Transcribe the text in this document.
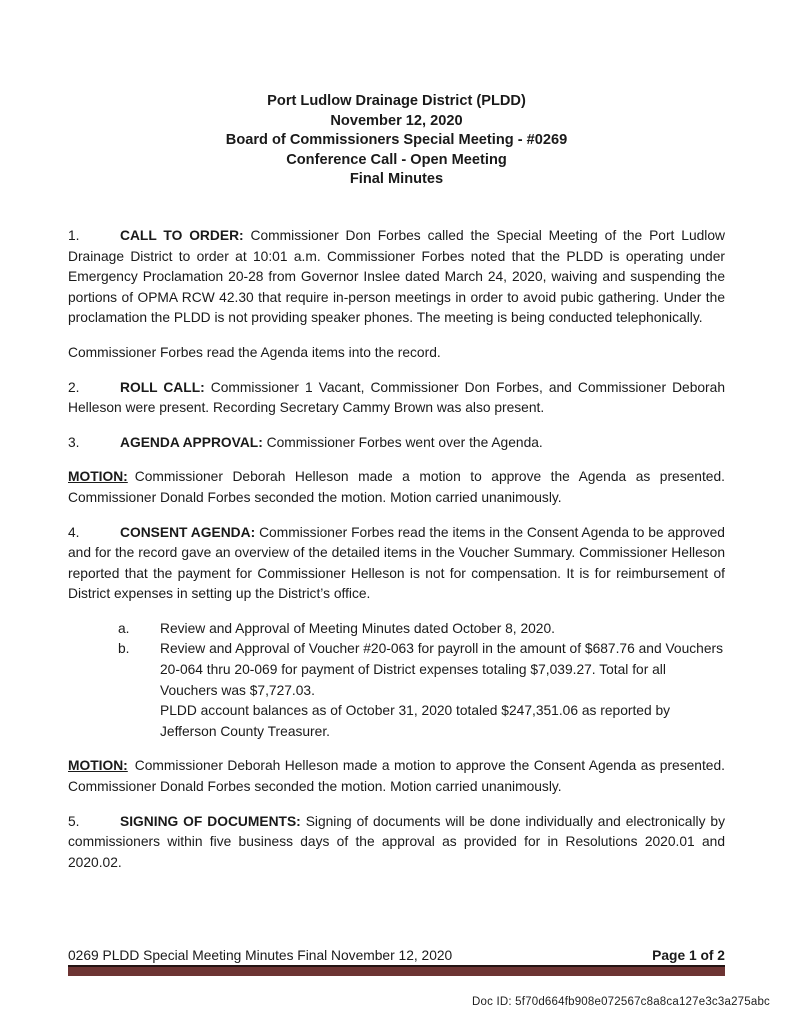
Port Ludlow Drainage District (PLDD)
November 12, 2020
Board of Commissioners Special Meeting - #0269
Conference Call - Open Meeting
Final Minutes
1.	CALL TO ORDER: Commissioner Don Forbes called the Special Meeting of the Port Ludlow Drainage District to order at 10:01 a.m. Commissioner Forbes noted that the PLDD is operating under Emergency Proclamation 20-28 from Governor Inslee dated March 24, 2020, waiving and suspending the portions of OPMA RCW 42.30 that require in-person meetings in order to avoid pubic gathering. Under the proclamation the PLDD is not providing speaker phones. The meeting is being conducted telephonically.
Commissioner Forbes read the Agenda items into the record.
2.	ROLL CALL: Commissioner 1 Vacant, Commissioner Don Forbes, and Commissioner Deborah Helleson were present. Recording Secretary Cammy Brown was also present.
3.	AGENDA APPROVAL: Commissioner Forbes went over the Agenda.
MOTION: Commissioner Deborah Helleson made a motion to approve the Agenda as presented. Commissioner Donald Forbes seconded the motion. Motion carried unanimously.
4.	CONSENT AGENDA: Commissioner Forbes read the items in the Consent Agenda to be approved and for the record gave an overview of the detailed items in the Voucher Summary. Commissioner Helleson reported that the payment for Commissioner Helleson is not for compensation. It is for reimbursement of District expenses in setting up the District’s office.
a.	Review and Approval of Meeting Minutes dated October 8, 2020.
b.	Review and Approval of Voucher #20-063 for payroll in the amount of $687.76 and Vouchers 20-064 thru 20-069 for payment of District expenses totaling $7,039.27. Total for all Vouchers was $7,727.03.
PLDD account balances as of October 31, 2020 totaled $247,351.06 as reported by Jefferson County Treasurer.
MOTION: Commissioner Deborah Helleson made a motion to approve the Consent Agenda as presented. Commissioner Donald Forbes seconded the motion. Motion carried unanimously.
5.	SIGNING OF DOCUMENTS: Signing of documents will be done individually and electronically by commissioners within five business days of the approval as provided for in Resolutions 2020.01 and 2020.02.
0269 PLDD Special Meeting Minutes Final November 12, 2020	Page 1 of 2
Doc ID: 5f70d664fb908e072567c8a8ca127e3c3a275abc
